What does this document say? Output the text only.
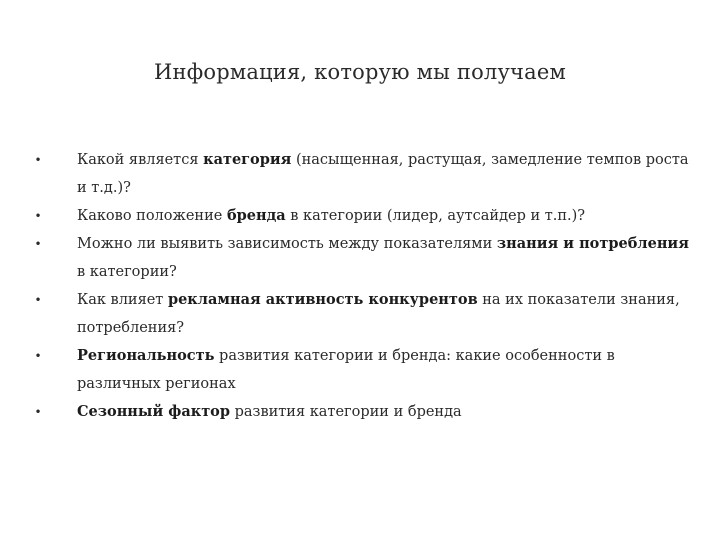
Информация, которую мы получаем
• Какой является категория (насыщенная, растущая, замедление темпов роста и т.д.)?
• Каково положение бренда в категории (лидер, аутсайдер и т.п.)?
• Можно ли выявить зависимость между показателями знания и потребления в категории?
• Как влияет рекламная активность конкурентов на их показатели знания, потребления?
• Региональность развития категории и бренда: какие особенности в различных регионах
• Сезонный фактор развития категории и бренда
